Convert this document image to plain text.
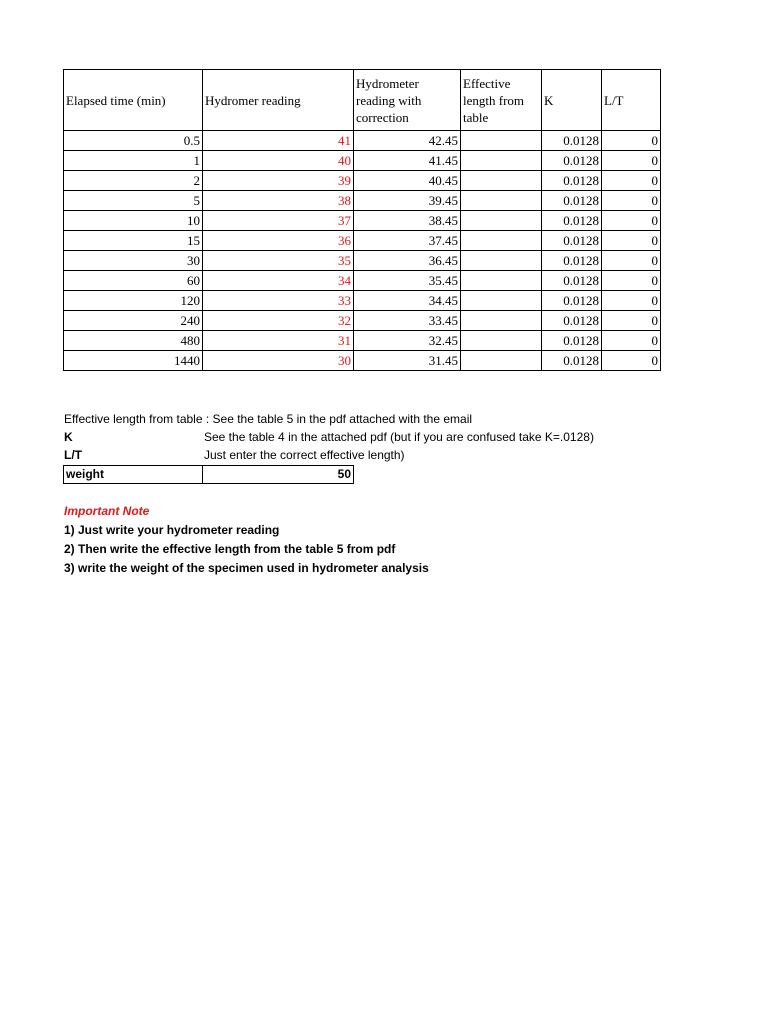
Elapsed time (min)	Hydromer reading	Hydrometer reading with correction	Effective length from table	K	L/T
0.5	41	42.45		0.0128	0
1	40	41.45		0.0128	0
2	39	40.45		0.0128	0
5	38	39.45		0.0128	0
10	37	38.45		0.0128	0
15	36	37.45		0.0128	0
30	35	36.45		0.0128	0
60	34	35.45		0.0128	0
120	33	34.45		0.0128	0
240	32	33.45		0.0128	0
480	31	32.45		0.0128	0
1440	30	31.45		0.0128	0
Effective length from table : See the table 5 in the pdf attached with the email
K	See the table 4 in the attached pdf (but if you are confused take K=.0128)
L/T	Just enter the correct effective length)
weight	50
Important Note
1) Just write your hydrometer reading
2) Then write the effective length from the table 5 from pdf
3) write the weight of the specimen used in hydrometer analysis
